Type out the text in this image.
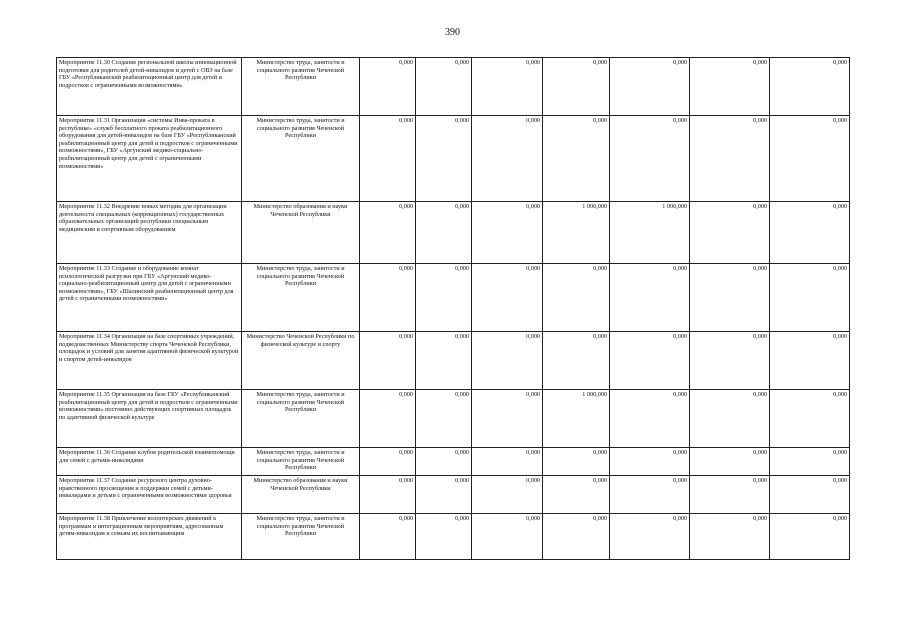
390
Мероприятие 11.30 Создание региональной школы инновационной подготовки для родителей детей-инвалидов и детей с ОВЗ на базе ГБУ «Республиканский реабилитационный центр для детей и подростков с ограниченными возможностями»	Министерство труда, занятости и социального развития Чеченской Республики	0,000	0,000	0,000	0,000	0,000	0,000	0,000
Мероприятие 11.31 Организация «системы Инва-проката в республике» «служб бесплатного проката реабилитационного оборудования для детей-инвалидов на базе ГБУ «Республиканский реабилитационный центр для детей и подростков с ограниченными возможностями», ГБУ «Аргунский медико-социально-реабилитационный центр для детей с ограниченными возможностями»	Министерство труда, занятости и социального развития Чеченской Республики	0,000	0,000	0,000	0,000	0,000	0,000	0,000
Мероприятие 11.32 Внедрение новых методик для организации деятельности специальных (коррекционных) государственных образовательных организаций республики специальным медицинским и спортивным оборудованием	Министерство образования и науки Чеченской Республики	0,000	0,000	0,000	1 000,000	1 000,000	0,000	0,000
Мероприятие 11.33 Создание и оборудование комнат психологической разгрузки при ГБУ «Аргунский медико-социально-реабилитационный центр для детей с ограниченными возможностями», ГБУ «Шалинский реабилитационный центр для детей с ограниченными возможностями»	Министерство труда, занятости и социального развития Чеченской Республики	0,000	0,000	0,000	0,000	0,000	0,000	0,000
Мероприятие 11.34 Организация на базе спортивных учреждений, подведомственных Министерству спорта Чеченской Республики, площадок и условий для занятия адаптивной физической культурой и спортом детей-инвалидов	Министерство Чеченской Республики по физической культуре и спорту	0,000	0,000	0,000	0,000	0,000	0,000	0,000
Мероприятие 11.35 Организация на базе ГБУ «Республиканский реабилитационный центр для детей и подростков с ограниченными возможностями» постоянно действующих спортивных площадок по адаптивной физической культуре	Министерство труда, занятости и социального развития Чеченской Республики	0,000	0,000	0,000	1 000,000	0,000	0,000	0,000
Мероприятие 11.36 Создание клубов родительской взаимопомощи для семей с детьми-инвалидами	Министерство труда, занятости и социального развития Чеченской Республики	0,000	0,000	0,000	0,000	0,000	0,000	0,000
Мероприятие 11.37 Создание ресурсного центра духовно-нравственного просвещения и поддержки семей с детьми-инвалидами и детьми с ограниченными возможностями здоровья	Министерство образования и науки Чеченской Республики	0,000	0,000	0,000	0,000	0,000	0,000	0,000
Мероприятие 11.38 Привлечение волонтерских движений к программам и интеграционным мероприятиям, адресованным детям-инвалидам и семьям их воспитывающим	Министерство труда, занятости и социального развития Чеченской Республики	0,000	0,000	0,000	0,000	0,000	0,000	0,000
